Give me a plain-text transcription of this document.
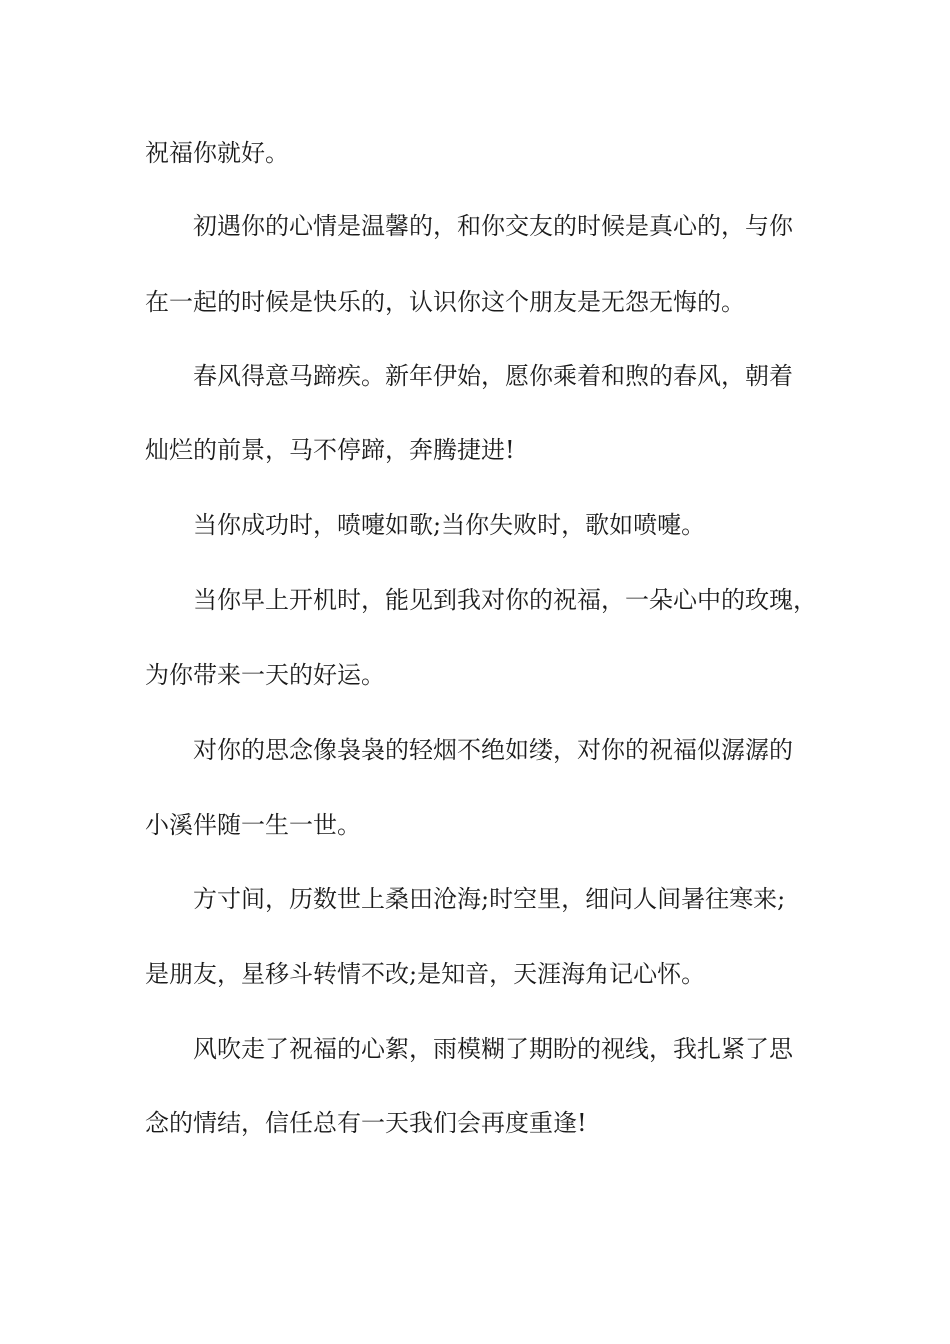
祝福你就好。

初遇你的心情是温馨的，和你交友的时候是真心的，与你

在一起的时候是快乐的，认识你这个朋友是无怨无悔的。

春风得意马蹄疾。新年伊始，愿你乘着和煦的春风，朝着

灿烂的前景，马不停蹄，奔腾捷进!

当你成功时，喷嚏如歌;当你失败时，歌如喷嚏。

当你早上开机时，能见到我对你的祝福，一朵心中的玫瑰，

为你带来一天的好运。

对你的思念像袅袅的轻烟不绝如缕，对你的祝福似潺潺的

小溪伴随一生一世。

方寸间，历数世上桑田沧海;时空里，细问人间暑往寒来;

是朋友，星移斗转情不改;是知音，天涯海角记心怀。

风吹走了祝福的心絮，雨模糊了期盼的视线，我扎紧了思

念的情结，信任总有一天我们会再度重逢!
